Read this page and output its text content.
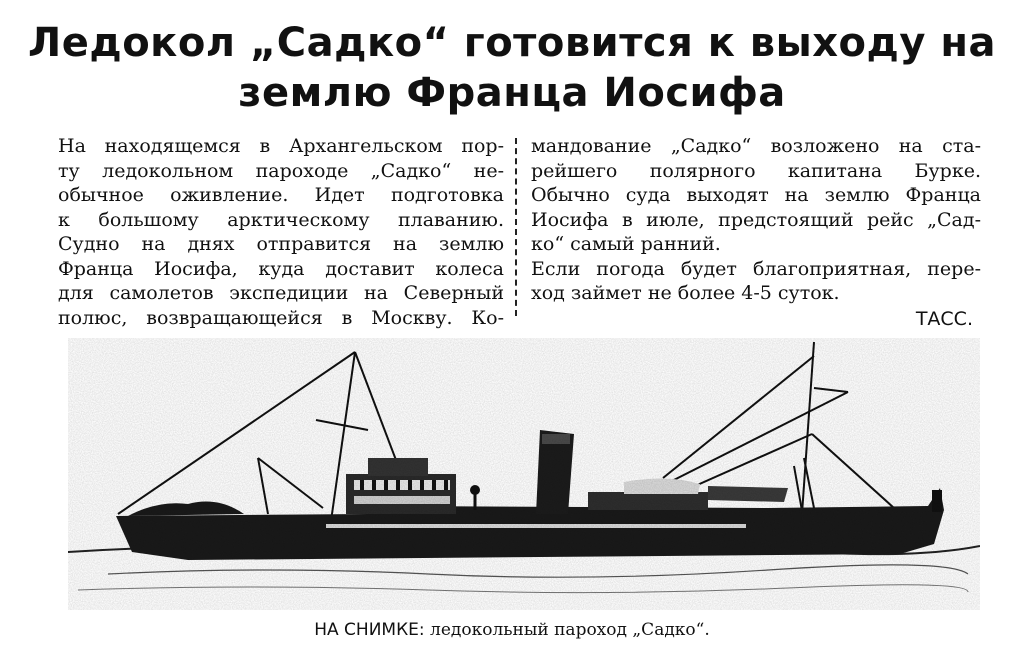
Ледокол „Садко“ готовится к выходу на
землю Франца Иосифа
На находящемся в Архангельском пор-
ту ледокольном пароходе „Садко“ не-
обычное оживление. Идет подготовка
к большому арктическому плаванию.
Судно на днях отправится на землю
Франца Иосифа, куда доставит колеса
для самолетов экспедиции на Северный
полюс, возвращающейся в Москву. Ко-
мандование „Садко“ возложено на ста-
рейшего полярного капитана Бурке.
Обычно суда выходят на землю Франца
Иосифа в июле, предстоящий рейс „Сад-
ко“ самый ранний.
Если погода будет благоприятная, пере-
ход займет не более 4-5 суток.
ТАСС.
НА СНИМКЕ: ледокольный пароход „Садко“.
